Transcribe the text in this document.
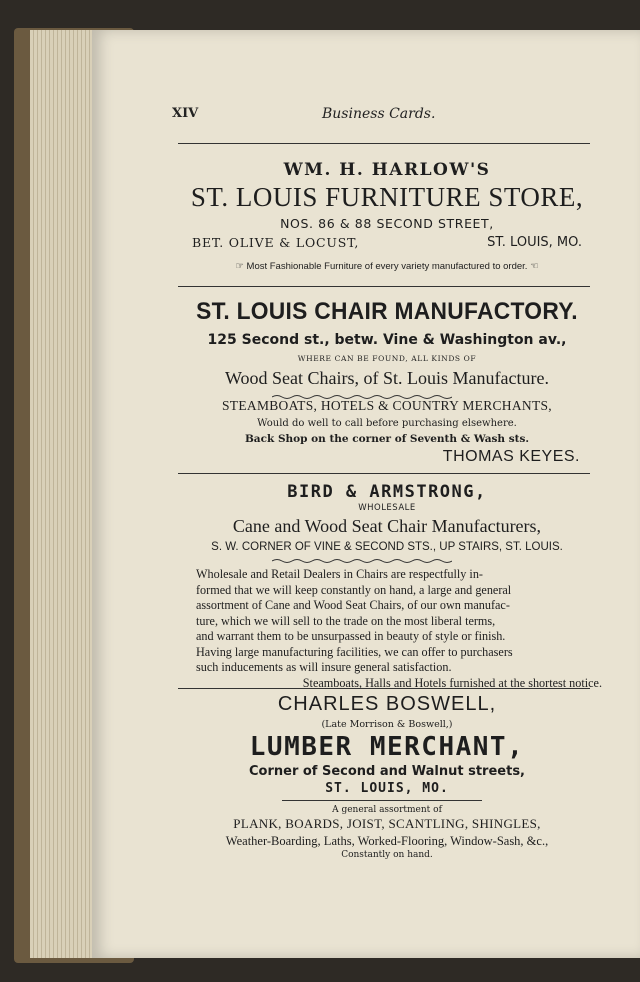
XIV	Business Cards.
WM. H. HARLOW'S
ST. LOUIS FURNITURE STORE,
NOS. 86 & 88 SECOND STREET,
BET. OLIVE & LOCUST,	ST. LOUIS, MO.
☞ Most Fashionable Furniture of every variety manufactured to order. ☜
ST. LOUIS CHAIR MANUFACTORY.
125 Second st., betw. Vine & Washington av.,
WHERE CAN BE FOUND, ALL KINDS OF
Wood Seat Chairs, of St. Louis Manufacture.
STEAMBOATS, HOTELS & COUNTRY MERCHANTS,
Would do well to call before purchasing elsewhere.
Back Shop on the corner of Seventh & Wash sts.
THOMAS KEYES.
BIRD & ARMSTRONG,
WHOLESALE
Cane and Wood Seat Chair Manufacturers,
S. W. CORNER OF VINE & SECOND STS., UP STAIRS, ST. LOUIS.
Wholesale and Retail Dealers in Chairs are respectfully in-
formed that we will keep constantly on hand, a large and general
assortment of Cane and Wood Seat Chairs, of our own manufac-
ture, which we will sell to the trade on the most liberal terms,
and warrant them to be unsurpassed in beauty of style or finish.
Having large manufacturing facilities, we can offer to purchasers
such inducements as will insure general satisfaction.
Steamboats, Halls and Hotels furnished at the shortest notice.
CHARLES BOSWELL,
(Late Morrison & Boswell,)
LUMBER MERCHANT,
Corner of Second and Walnut streets,
ST. LOUIS, MO.
A general assortment of
PLANK, BOARDS, JOIST, SCANTLING, SHINGLES,
Weather-Boarding, Laths, Worked-Flooring, Window-Sash, &c.,
Constantly on hand.
